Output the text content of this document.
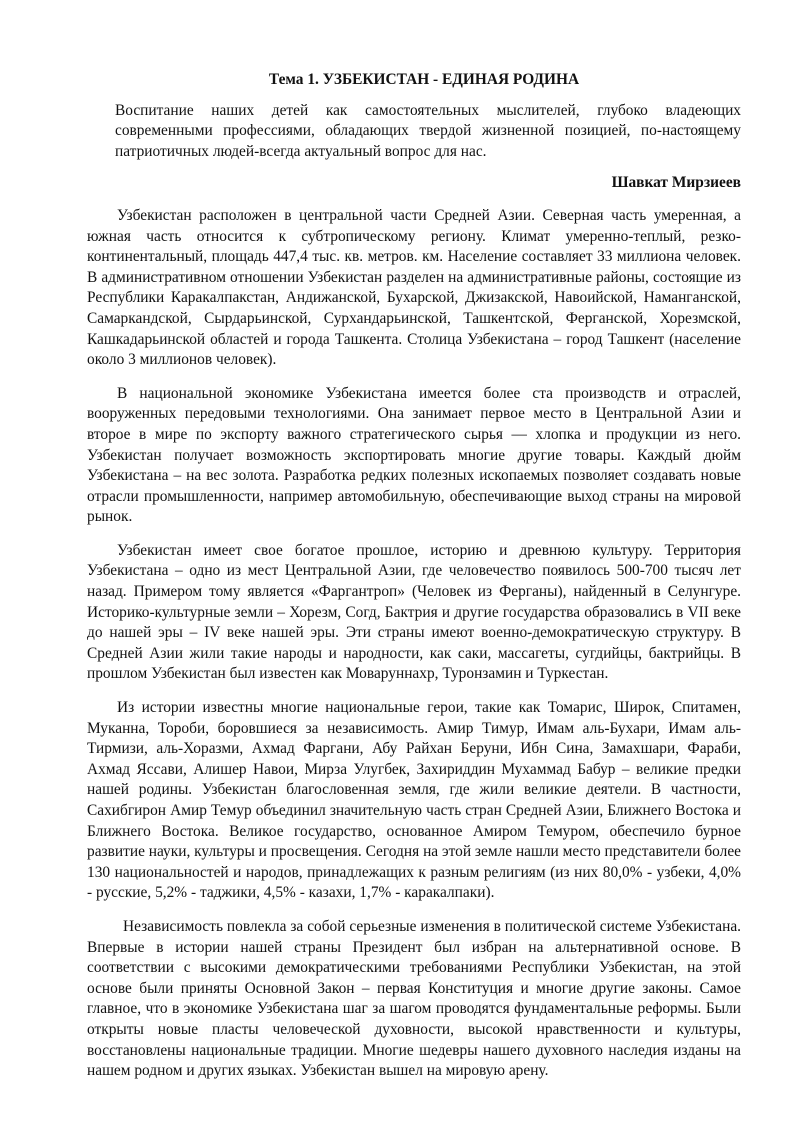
Тема 1. УЗБЕКИСТАН - ЕДИНАЯ РОДИНА

Воспитание наших детей как самостоятельных мыслителей, глубоко владеющих современными профессиями, обладающих твердой жизненной позицией, по-настоящему патриотичных людей-всегда актуальный вопрос для нас.

Шавкат Мирзиеев

Узбекистан расположен в центральной части Средней Азии. Северная часть умеренная, а южная часть относится к субтропическому региону. Климат умеренно-теплый, резко-континентальный, площадь 447,4 тыс. кв. метров. км. Население составляет 33 миллиона человек. В административном отношении Узбекистан разделен на административные районы, состоящие из Республики Каракалпакстан, Андижанской, Бухарской, Джизакской, Навоийской, Наманганской, Самаркандской, Сырдарьинской, Сурхандарьинской, Ташкентской, Ферганской, Хорезмской, Кашкадарьинской областей и города Ташкента. Столица Узбекистана – город Ташкент (население около 3 миллионов человек).

В национальной экономике Узбекистана имеется более ста производств и отраслей, вооруженных передовыми технологиями. Она занимает первое место в Центральной Азии и второе в мире по экспорту важного стратегического сырья — хлопка и продукции из него. Узбекистан получает возможность экспортировать многие другие товары. Каждый дюйм Узбекистана – на вес золота. Разработка редких полезных ископаемых позволяет создавать новые отрасли промышленности, например автомобильную, обеспечивающие выход страны на мировой рынок.

Узбекистан имеет свое богатое прошлое, историю и древнюю культуру. Территория Узбекистана – одно из мест Центральной Азии, где человечество появилось 500-700 тысяч лет назад. Примером тому является «Фаргантроп» (Человек из Ферганы), найденный в Селунгуре. Историко-культурные земли – Хорезм, Согд, Бактрия и другие государства образовались в VII веке до нашей эры – IV веке нашей эры. Эти страны имеют военно-демократическую структуру. В Средней Азии жили такие народы и народности, как саки, массагеты, сугдийцы, бактрийцы. В прошлом Узбекистан был известен как Моваруннахр, Туронзамин и Туркестан.

Из истории известны многие национальные герои, такие как Томарис, Широк, Спитамен, Муканна, Тороби, боровшиеся за независимость. Амир Тимур, Имам аль-Бухари, Имам аль-Тирмизи, аль-Хоразми, Ахмад Фаргани, Абу Райхан Беруни, Ибн Сина, Замахшари, Фараби, Ахмад Яссави, Алишер Навои, Мирза Улугбек, Захириддин Мухаммад Бабур – великие предки нашей родины. Узбекистан благословенная земля, где жили великие деятели. В частности, Сахибгирон Амир Темур объединил значительную часть стран Средней Азии, Ближнего Востока и Ближнего Востока. Великое государство, основанное Амиром Темуром, обеспечило бурное развитие науки, культуры и просвещения. Сегодня на этой земле нашли место представители более 130 национальностей и народов, принадлежащих к разным религиям (из них 80,0% - узбеки, 4,0% - русские, 5,2% - таджики, 4,5% - казахи, 1,7% - каракалпаки).

Независимость повлекла за собой серьезные изменения в политической системе Узбекистана. Впервые в истории нашей страны Президент был избран на альтернативной основе. В соответствии с высокими демократическими требованиями Республики Узбекистан, на этой основе были приняты Основной Закон – первая Конституция и многие другие законы. Самое главное, что в экономике Узбекистана шаг за шагом проводятся фундаментальные реформы. Были открыты новые пласты человеческой духовности, высокой нравственности и культуры, восстановлены национальные традиции. Многие шедевры нашего духовного наследия изданы на нашем родном и других языках. Узбекистан вышел на мировую арену.
